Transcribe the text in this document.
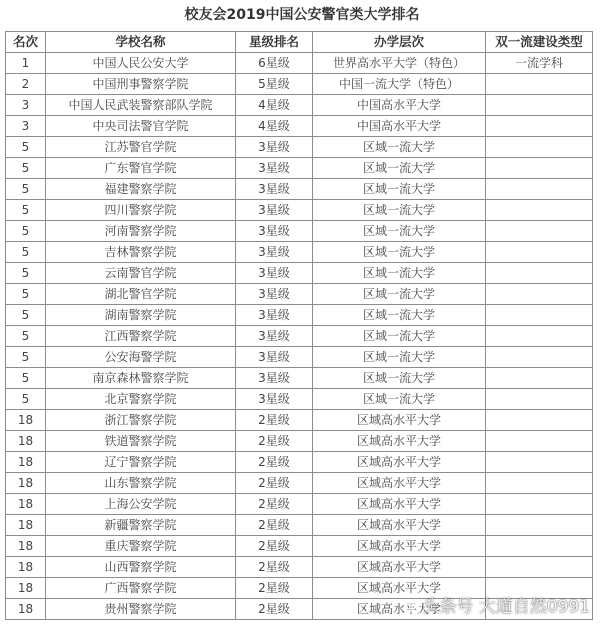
校友会2019中国公安警官类大学排名
名次	学校名称	星级排名	办学层次	双一流建设类型
1	中国人民公安大学	6星级	世界高水平大学（特色）	一流学科
2	中国刑事警察学院	5星级	中国一流大学（特色）	
3	中国人民武装警察部队学院	4星级	中国高水平大学	
3	中央司法警官学院	4星级	中国高水平大学	
5	江苏警官学院	3星级	区域一流大学	
5	广东警官学院	3星级	区域一流大学	
5	福建警察学院	3星级	区域一流大学	
5	四川警察学院	3星级	区域一流大学	
5	河南警察学院	3星级	区域一流大学	
5	吉林警察学院	3星级	区域一流大学	
5	云南警官学院	3星级	区域一流大学	
5	湖北警官学院	3星级	区域一流大学	
5	湖南警察学院	3星级	区域一流大学	
5	江西警察学院	3星级	区域一流大学	
5	公安海警学院	3星级	区域一流大学	
5	南京森林警察学院	3星级	区域一流大学	
5	北京警察学院	3星级	区域一流大学	
18	浙江警察学院	2星级	区域高水平大学	
18	铁道警察学院	2星级	区域高水平大学	
18	辽宁警察学院	2星级	区域高水平大学	
18	山东警察学院	2星级	区域高水平大学	
18	上海公安学院	2星级	区域高水平大学	
18	新疆警察学院	2星级	区域高水平大学	
18	重庆警察学院	2星级	区域高水平大学	
18	山西警察学院	2星级	区域高水平大学	
18	广西警察学院	2星级	区域高水平大学	
18	贵州警察学院	2星级	区域高水平大学	
头条号 大道自然0991
